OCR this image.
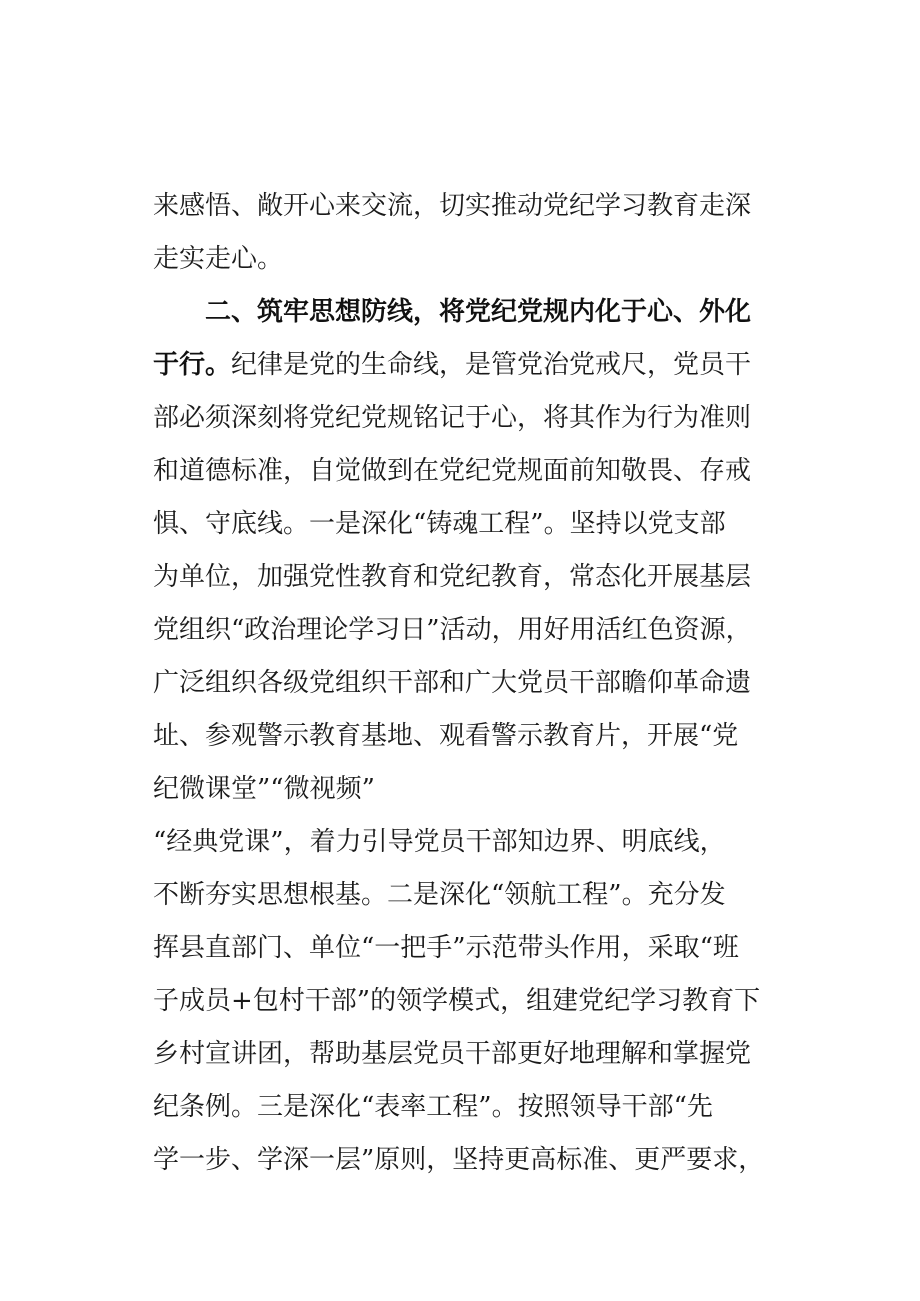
来感悟、敞开心来交流，切实推动党纪学习教育走深
走实走心。
二、筑牢思想防线，将党纪党规内化于心、外化
于行。纪律是党的生命线，是管党治党戒尺，党员干
部必须深刻将党纪党规铭记于心，将其作为行为准则
和道德标准，自觉做到在党纪党规面前知敬畏、存戒
惧、守底线。一是深化“铸魂工程”。坚持以党支部
为单位，加强党性教育和党纪教育，常态化开展基层
党组织“政治理论学习日”活动，用好用活红色资源，
广泛组织各级党组织干部和广大党员干部瞻仰革命遗
址、参观警示教育基地、观看警示教育片，开展“党
纪微课堂”“微视频”
“经典党课”，着力引导党员干部知边界、明底线，
不断夯实思想根基。二是深化“领航工程”。充分发
挥县直部门、单位“一把手”示范带头作用，采取“班
子成员+包村干部”的领学模式，组建党纪学习教育下
乡村宣讲团，帮助基层党员干部更好地理解和掌握党
纪条例。三是深化“表率工程”。按照领导干部“先
学一步、学深一层”原则，坚持更高标准、更严要求，
